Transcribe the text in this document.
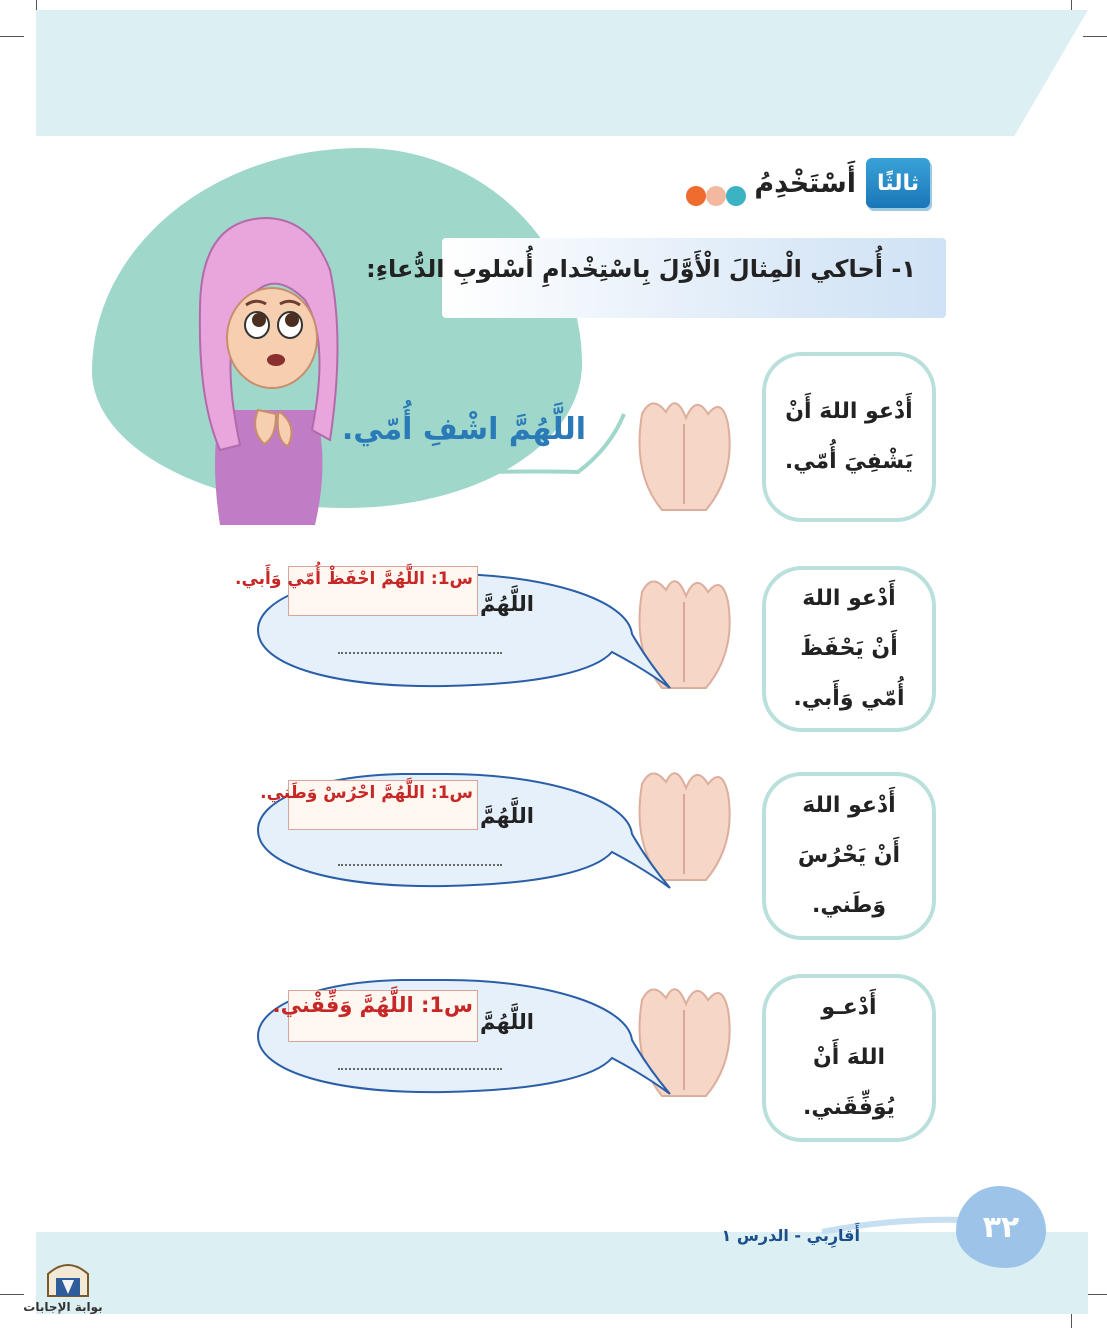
ثالثًا
أَسْتَخْدِمُ
١- أُحاكي الْمِثالَ الْأَوَّلَ بِاسْتِخْدامِ أُسْلوبِ الدُّعاءِ:
أَدْعو اللهَ أَنْ
يَشْفِيَ أُمّي.
اللَّهُمَّ اشْفِ أُمّي.
أَدْعو اللهَ
أَنْ يَحْفَظَ
أُمّي وَأَبي.
اللَّهُمَّ
س1: اللَّهُمَّ احْفَظْ أُمّي وَأَبي.
أَدْعو اللهَ
أَنْ يَحْرُسَ
وَطَني.
اللَّهُمَّ
س1: اللَّهُمَّ احْرُسْ وَطَني.
أَدْعـو
اللهَ أَنْ
يُوَفِّقَني.
اللَّهُمَّ
س1: اللَّهُمَّ وَفِّقْني.
أَقارِبي - الدرس ١	٣٢
بوابة الإجابات
